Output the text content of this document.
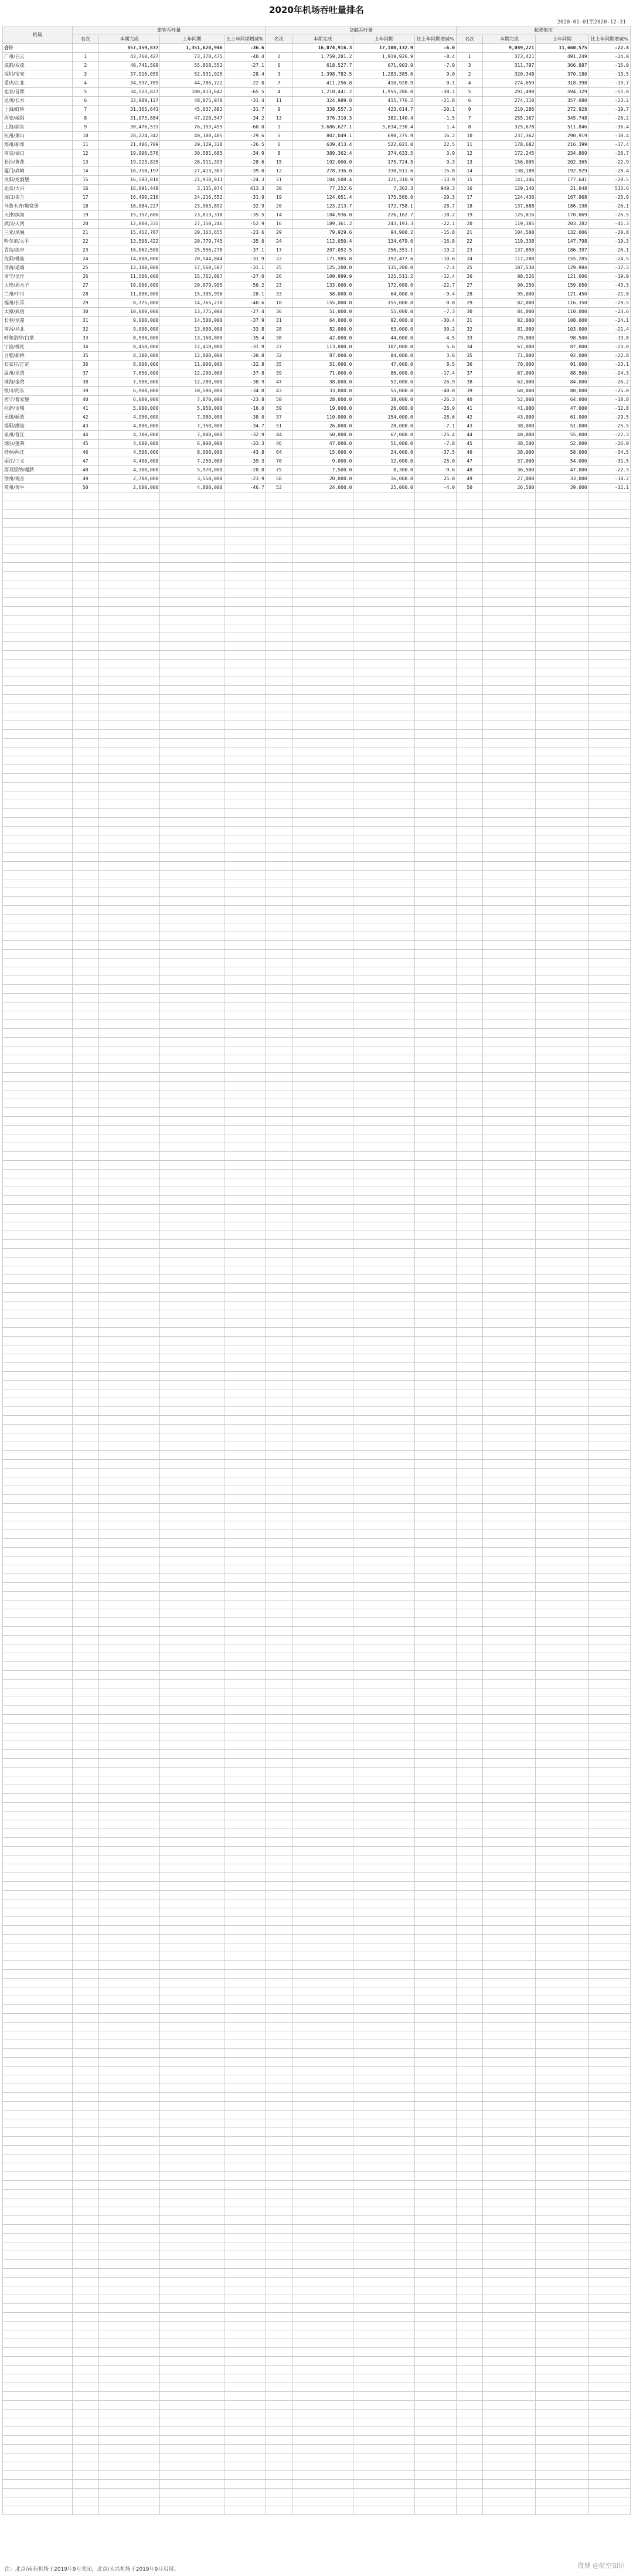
2020年机场吞吐量排名
2020-01-01至2020-12-31
机场	旅客吞吐量				货邮吞吐量				起降架次			
	名次	本期完成	上年同期	比上年同期增减%	名次	本期完成	上年同期	比上年同期增减%	名次	本期完成	上年同期	比上年同期增减%
合计		857,159,837	1,351,628,946	-36.6		16,074,916.3	17,100,132.9	-6.0		9,049,221	11,660,575	-22.4
广州/白云	1	43,760,427	73,378,475	-40.4	2	1,759,281.2	1,919,926.9	-8.4	1	373,421	491,249	-24.0
成都/双流	2	40,741,509	55,858,552	-27.1	6	618,527.7	671,903.9	-7.9	3	311,797	366,887	-15.0
深圳/宝安	3	37,916,059	52,931,925	-28.4	3	1,398,782.5	1,283,385.6	9.0	2	320,348	370,180	-13.5
重庆/江北	4	34,937,789	44,786,722	-22.0	7	411,256.8	410,928.9	0.1	4	274,659	318,398	-13.7
北京/首都	5	34,513,827	100,013,642	-65.5	4	1,210,441.2	1,955,286.0	-38.1	5	291,498	594,329	-51.0
昆明/长水	6	32,989,127	48,075,978	-31.4	11	324,989.8	415,776.2	-21.8	6	274,110	357,080	-23.2
上海/虹桥	7	31,165,641	45,637,882	-31.7	9	338,557.3	423,614.7	-20.1	9	219,286	272,928	-19.7
西安/咸阳	8	31,073,884	47,220,547	-34.2	13	376,310.3	382,140.4	-1.5	7	255,167	345,748	-26.2
上海/浦东	9	30,476,531	76,153,455	-60.0	1	3,686,627.1	3,634,230.4	1.4	8	325,678	511,846	-36.4
杭州/萧山	10	28,224,342	40,108,405	-29.6	5	802,049.1	690,275.9	16.2	10	237,362	290,919	-18.4
郑州/新郑	11	21,406,709	29,129,328	-26.5	6	639,413.4	522,021.0	22.5	11	178,682	216,399	-17.4
南京/禄口	12	19,906,576	30,581,685	-34.9	8	389,362.4	374,633.5	3.9	12	172,245	234,869	-26.7
长沙/黄花	13	19,223,825	26,911,393	-28.6	15	192,000.0	175,724.5	9.3	13	156,005	202,365	-22.9
厦门/高崎	14	16,710,197	27,413,363	-39.0	12	278,336.0	330,511.6	-15.8	14	138,188	192,929	-28.4
贵阳/龙洞堡	15	16,583,010	21,910,911	-24.3	21	104,508.4	121,310.9	-13.9	15	141,246	177,641	-20.5
北京/大兴	16	16,091,449	3,135,074	413.3	30	77,252.6	7,362.3	949.3	16	129,140	21,048	513.6
海口/美兰	17	16,490,216	24,216,552	-31.9	19	124,051.4	175,566.0	-29.3	17	124,436	167,968	-25.9
乌鲁木齐/地窝堡	18	16,084,227	23,963,892	-32.9	20	123,213.7	172,758.1	-28.7	18	137,688	186,198	-26.1
天津/滨海	19	15,357,686	23,813,318	-35.5	14	184,936.0	226,162.7	-18.2	19	125,016	170,069	-26.5
武汉/天河	20	12,800,335	27,150,246	-52.9	16	189,361.2	243,193.3	-22.1	20	119,385	203,282	-41.3
三亚/凤凰	21	15,412,787	20,163,655	-23.6	29	79,929.6	94,900.2	-15.8	21	104,508	132,006	-20.8
哈尔滨/太平	22	13,508,422	20,779,745	-35.0	24	112,050.4	134,679.6	-16.8	22	119,338	147,798	-19.3
青岛/流亭	23	16,062,500	25,556,278	-37.1	17	207,052.5	256,351.1	-19.2	23	137,850	186,397	-26.1
沈阳/桃仙	24	14,000,000	20,544,044	-31.9	22	171,985.8	192,477.6	-10.6	24	117,288	155,285	-24.5
济南/遥墙	25	12,100,000	17,560,507	-31.1	25	125,200.0	135,200.0	-7.4	25	107,530	129,984	-17.3
南宁/吴圩	26	11,500,000	15,762,887	-27.0	26	109,999.9	125,511.2	-12.4	26	98,526	121,606	-19.0
大连/周水子	27	10,000,000	20,079,995	-50.2	23	133,000.0	172,000.0	-22.7	27	90,250	159,050	-43.3
兰州/中川	28	11,000,000	15,305,996	-28.1	33	58,000.0	64,000.0	-9.4	28	95,000	121,450	-21.8
福州/长乐	29	8,775,000	14,765,230	-40.6	18	155,000.0	155,000.0	0.0	29	82,000	116,350	-29.5
太原/武宿	30	10,000,000	13,775,000	-27.4	36	51,000.0	55,000.0	-7.3	30	84,000	110,000	-23.6
长春/龙嘉	31	9,000,000	14,500,000	-37.9	31	64,000.0	92,000.0	-30.4	31	82,000	108,000	-24.1
南昌/昌北	32	9,000,000	13,600,000	-33.8	28	82,000.0	63,000.0	30.2	32	81,000	103,000	-21.4
呼和浩特/白塔	33	8,500,000	13,160,000	-35.4	38	42,000.0	44,000.0	-4.5	33	79,000	98,500	-19.8
宁波/栎社	34	8,450,000	12,410,000	-31.9	27	113,000.0	107,000.0	5.6	34	67,000	87,000	-23.0
合肥/新桥	35	8,300,000	12,000,000	-30.8	32	87,000.0	84,000.0	3.6	35	71,000	92,000	-22.8
石家庄/正定	36	8,000,000	11,900,000	-32.8	35	51,000.0	47,000.0	8.5	36	70,000	91,000	-23.1
温州/龙湾	37	7,650,000	12,290,000	-37.8	39	71,000.0	86,000.0	-17.4	37	67,000	88,500	-24.3
珠海/金湾	38	7,500,000	12,280,000	-38.9	47	38,000.0	52,000.0	-26.9	38	62,000	84,000	-26.2
银川/河东	39	6,900,000	10,580,000	-34.8	43	33,000.0	55,000.0	-40.0	39	60,000	80,000	-25.0
西宁/曹家堡	40	6,000,000	7,870,000	-23.8	50	28,000.0	38,000.0	-26.3	40	52,000	64,000	-18.8
拉萨/贡嘎	41	5,000,000	5,950,000	-16.0	59	19,000.0	26,000.0	-26.9	41	41,000	47,000	-12.8
无锡/硕放	42	4,950,000	7,980,000	-38.0	37	110,000.0	154,000.0	-28.6	42	43,000	61,000	-29.5
揭阳/潮汕	43	4,800,000	7,350,000	-34.7	51	26,000.0	28,000.0	-7.1	43	38,000	51,000	-25.5
泉州/晋江	44	4,700,000	7,000,000	-32.9	44	50,000.0	67,000.0	-25.4	44	40,000	55,000	-27.3
烟台/蓬莱	45	4,600,000	6,900,000	-33.3	46	47,000.0	51,000.0	-7.8	45	38,500	52,000	-26.0
桂林/两江	46	4,500,000	8,000,000	-43.8	64	15,000.0	24,000.0	-37.5	46	38,000	58,000	-34.5
丽江/三义	47	4,400,000	7,250,000	-39.3	70	9,000.0	12,000.0	-25.0	47	37,000	54,000	-31.5
西双版纳/嘎洒	48	4,300,000	5,970,000	-28.0	75	7,500.0	8,300.0	-9.6	48	36,500	47,000	-22.3
徐州/观音	49	2,700,000	3,550,000	-23.9	58	20,000.0	16,000.0	25.0	49	27,000	33,000	-18.2
常州/奔牛	50	2,600,000	4,880,000	-46.7	53	24,000.0	25,000.0	-4.0	50	26,500	39,000	-32.1

注：北京/南苑机场于2019年9月关闭，北京/大兴机场于2019年9月启用。	微博 @航空知识
